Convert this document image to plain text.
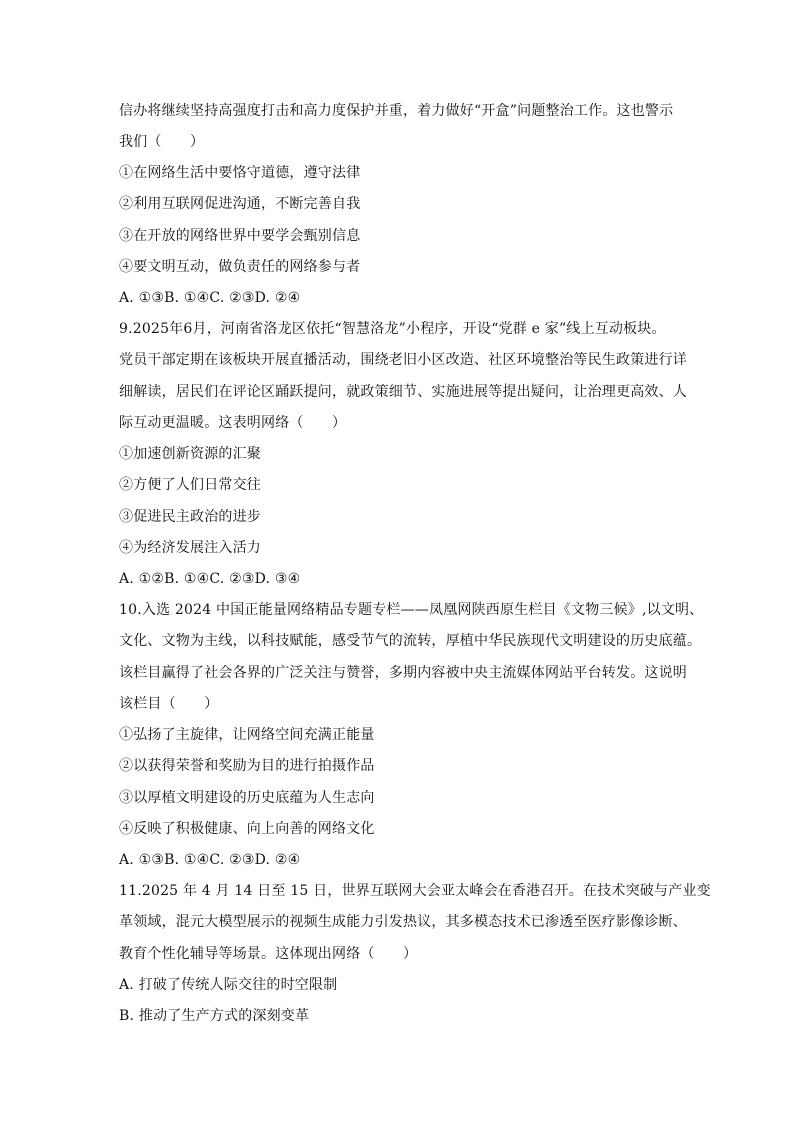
信办将继续坚持高强度打击和高力度保护并重，着力做好“开盒”问题整治工作。这也警示
我们（　　）
①在网络生活中要恪守道德，遵守法律
②利用互联网促进沟通，不断完善自我
③在开放的网络世界中要学会甄别信息
④要文明互动，做负责任的网络参与者
A. ①③B. ①④C. ②③D. ②④
9.2025年6月，河南省洛龙区依托“智慧洛龙”小程序，开设“党群 e 家”线上互动板块。
党员干部定期在该板块开展直播活动，围绕老旧小区改造、社区环境整治等民生政策进行详
细解读，居民们在评论区踊跃提问，就政策细节、实施进展等提出疑问，让治理更高效、人
际互动更温暖。这表明网络（　　）
①加速创新资源的汇聚
②方便了人们日常交往
③促进民主政治的进步
④为经济发展注入活力
A. ①②B. ①④C. ②③D. ③④
10.入选 2024 中国正能量网络精品专题专栏——凤凰网陕西原生栏目《文物三候》,以文明、
文化、文物为主线，以科技赋能，感受节气的流转，厚植中华民族现代文明建设的历史底蕴。
该栏目赢得了社会各界的广泛关注与赞誉，多期内容被中央主流媒体网站平台转发。这说明
该栏目（　　）
①弘扬了主旋律，让网络空间充满正能量
②以获得荣誉和奖励为目的进行拍摄作品
③以厚植文明建设的历史底蕴为人生志向
④反映了积极健康、向上向善的网络文化
A. ①③B. ①④C. ②③D. ②④
11.2025 年 4 月 14 日至 15 日，世界互联网大会亚太峰会在香港召开。在技术突破与产业变
革领域，混元大模型展示的视频生成能力引发热议，其多模态技术已渗透至医疗影像诊断、
教育个性化辅导等场景。这体现出网络（　　）
A. 打破了传统人际交往的时空限制
B. 推动了生产方式的深刻变革
